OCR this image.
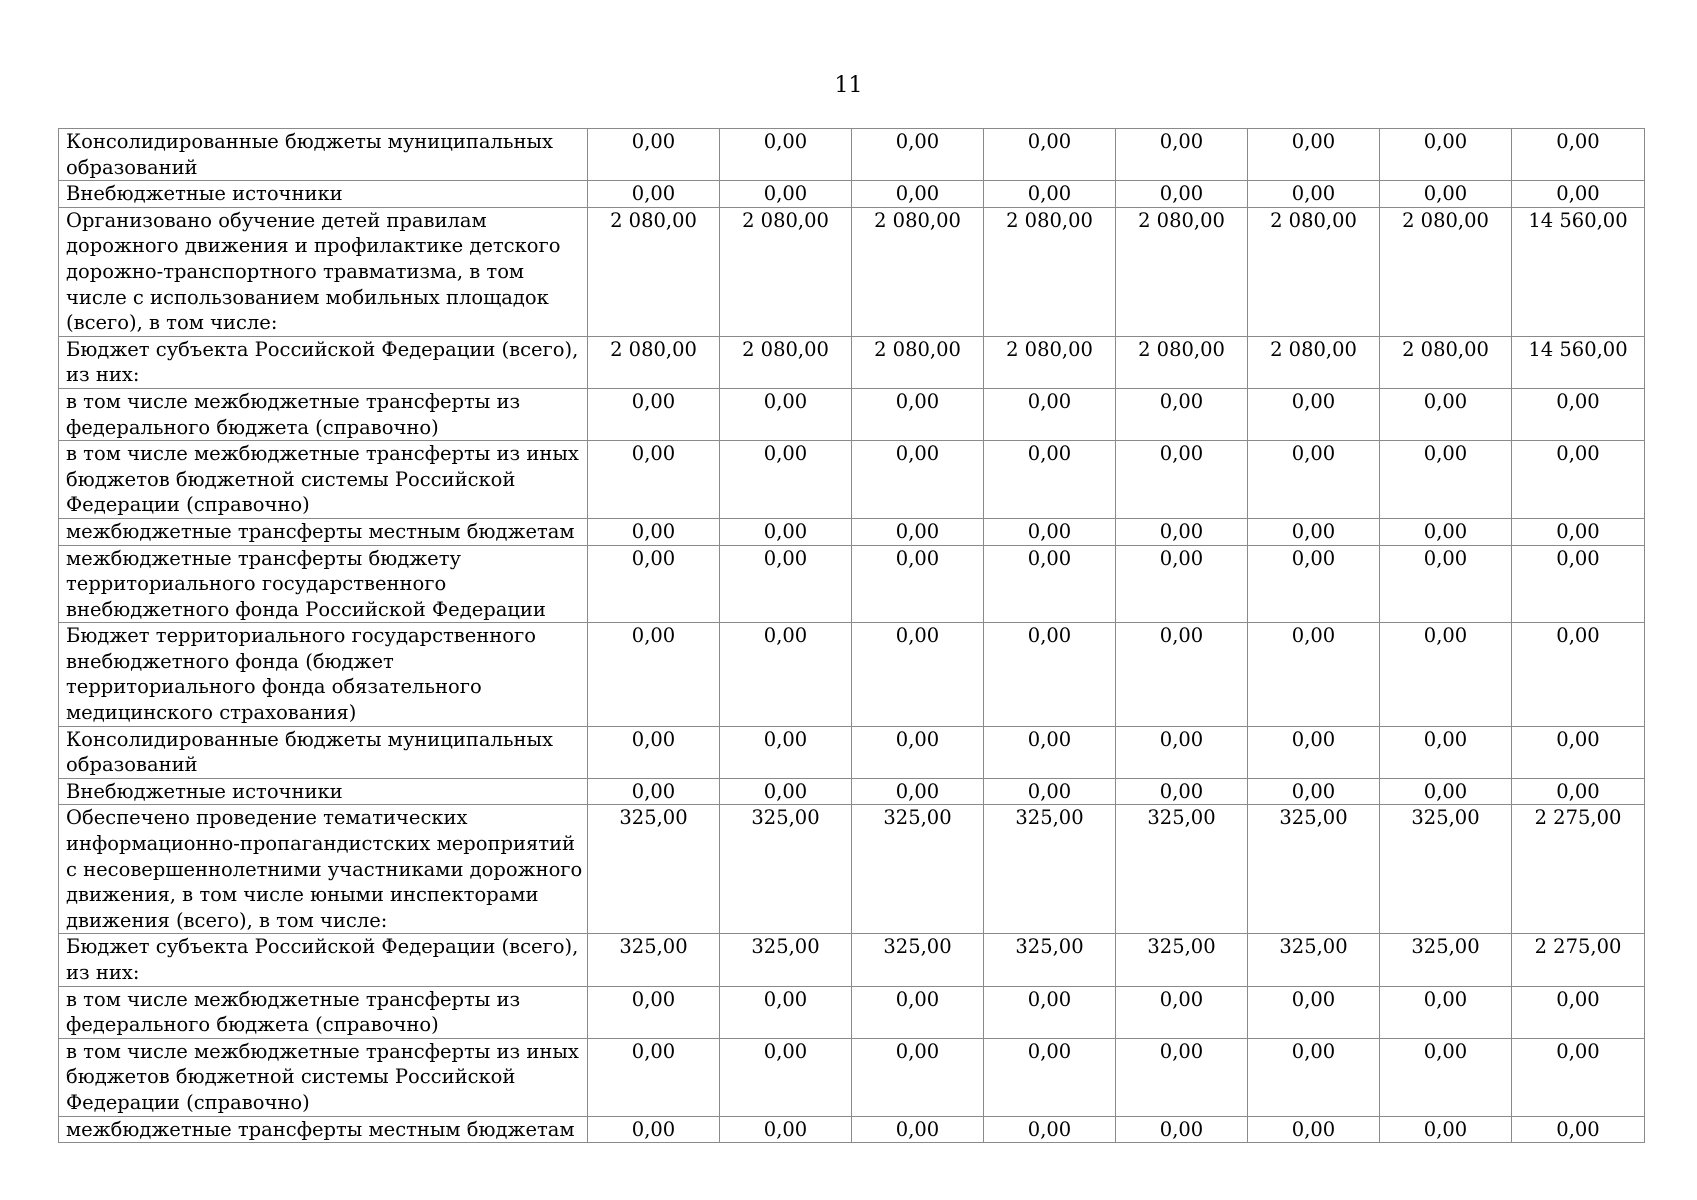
11
Консолидированные бюджеты муниципальных образований	0,00	0,00	0,00	0,00	0,00	0,00	0,00	0,00
Внебюджетные источники	0,00	0,00	0,00	0,00	0,00	0,00	0,00	0,00
Организовано обучение детей правилам дорожного движения и профилактике детского дорожно-транспортного травматизма, в том числе с использованием мобильных площадок (всего), в том числе:	2 080,00	2 080,00	2 080,00	2 080,00	2 080,00	2 080,00	2 080,00	14 560,00
Бюджет субъекта Российской Федерации (всего), из них:	2 080,00	2 080,00	2 080,00	2 080,00	2 080,00	2 080,00	2 080,00	14 560,00
в том числе межбюджетные трансферты из федерального бюджета (справочно)	0,00	0,00	0,00	0,00	0,00	0,00	0,00	0,00
в том числе межбюджетные трансферты из иных бюджетов бюджетной системы Российской Федерации (справочно)	0,00	0,00	0,00	0,00	0,00	0,00	0,00	0,00
межбюджетные трансферты местным бюджетам	0,00	0,00	0,00	0,00	0,00	0,00	0,00	0,00
межбюджетные трансферты бюджету территориального государственного внебюджетного фонда Российской Федерации	0,00	0,00	0,00	0,00	0,00	0,00	0,00	0,00
Бюджет территориального государственного внебюджетного фонда (бюджет территориального фонда обязательного медицинского страхования)	0,00	0,00	0,00	0,00	0,00	0,00	0,00	0,00
Консолидированные бюджеты муниципальных образований	0,00	0,00	0,00	0,00	0,00	0,00	0,00	0,00
Внебюджетные источники	0,00	0,00	0,00	0,00	0,00	0,00	0,00	0,00
Обеспечено проведение тематических информационно-пропагандистских мероприятий с несовершеннолетними участниками дорожного движения, в том числе юными инспекторами движения (всего), в том числе:	325,00	325,00	325,00	325,00	325,00	325,00	325,00	2 275,00
Бюджет субъекта Российской Федерации (всего), из них:	325,00	325,00	325,00	325,00	325,00	325,00	325,00	2 275,00
в том числе межбюджетные трансферты из федерального бюджета (справочно)	0,00	0,00	0,00	0,00	0,00	0,00	0,00	0,00
в том числе межбюджетные трансферты из иных бюджетов бюджетной системы Российской Федерации (справочно)	0,00	0,00	0,00	0,00	0,00	0,00	0,00	0,00
межбюджетные трансферты местным бюджетам	0,00	0,00	0,00	0,00	0,00	0,00	0,00	0,00
